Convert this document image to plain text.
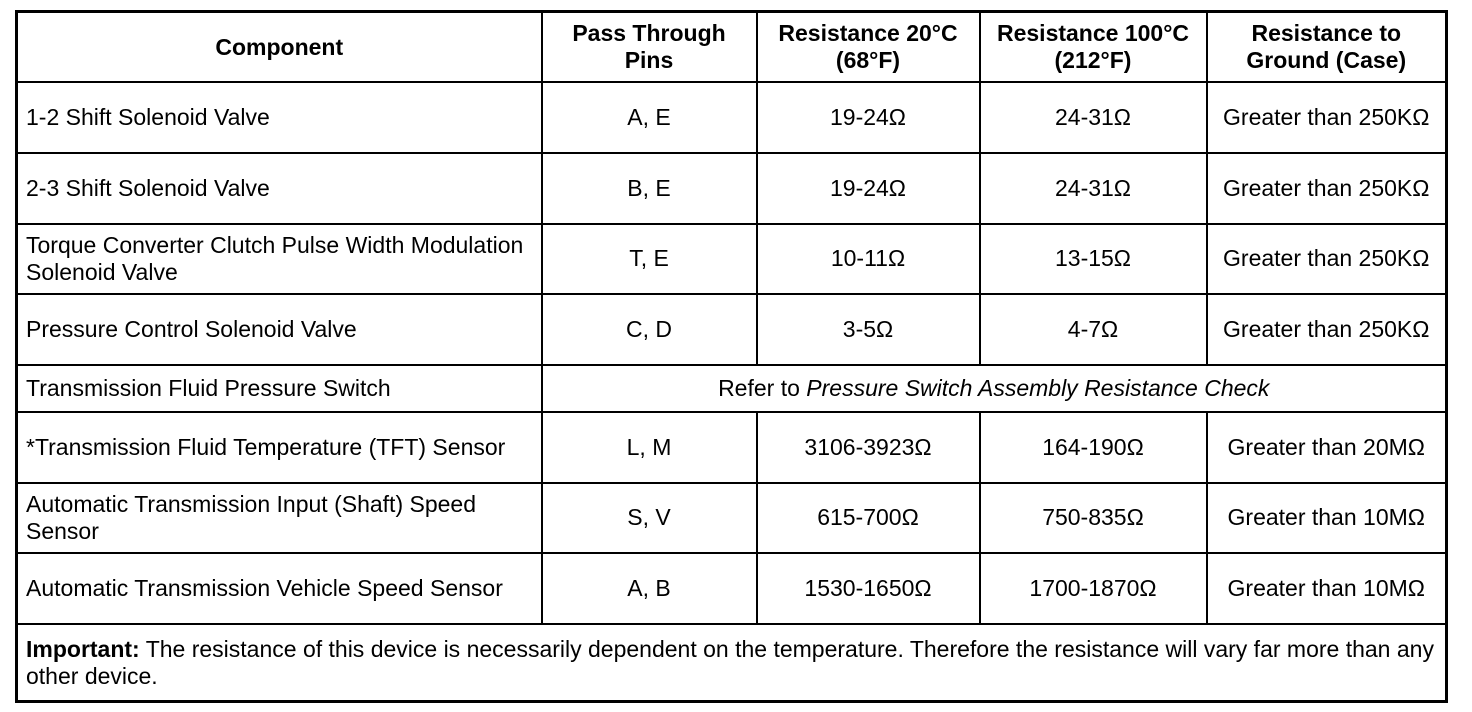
Component	Pass Through Pins	Resistance 20°C (68°F)	Resistance 100°C (212°F)	Resistance to Ground (Case)
1-2 Shift Solenoid Valve	A, E	19-24Ω	24-31Ω	Greater than 250KΩ
2-3 Shift Solenoid Valve	B, E	19-24Ω	24-31Ω	Greater than 250KΩ
Torque Converter Clutch Pulse Width Modulation Solenoid Valve	T, E	10-11Ω	13-15Ω	Greater than 250KΩ
Pressure Control Solenoid Valve	C, D	3-5Ω	4-7Ω	Greater than 250KΩ
Transmission Fluid Pressure Switch	Refer to Pressure Switch Assembly Resistance Check			
*Transmission Fluid Temperature (TFT) Sensor	L, M	3106-3923Ω	164-190Ω	Greater than 20MΩ
Automatic Transmission Input (Shaft) Speed Sensor	S, V	615-700Ω	750-835Ω	Greater than 10MΩ
Automatic Transmission Vehicle Speed Sensor	A, B	1530-1650Ω	1700-1870Ω	Greater than 10MΩ
Important: The resistance of this device is necessarily dependent on the temperature. Therefore the resistance will vary far more than any other device.				
